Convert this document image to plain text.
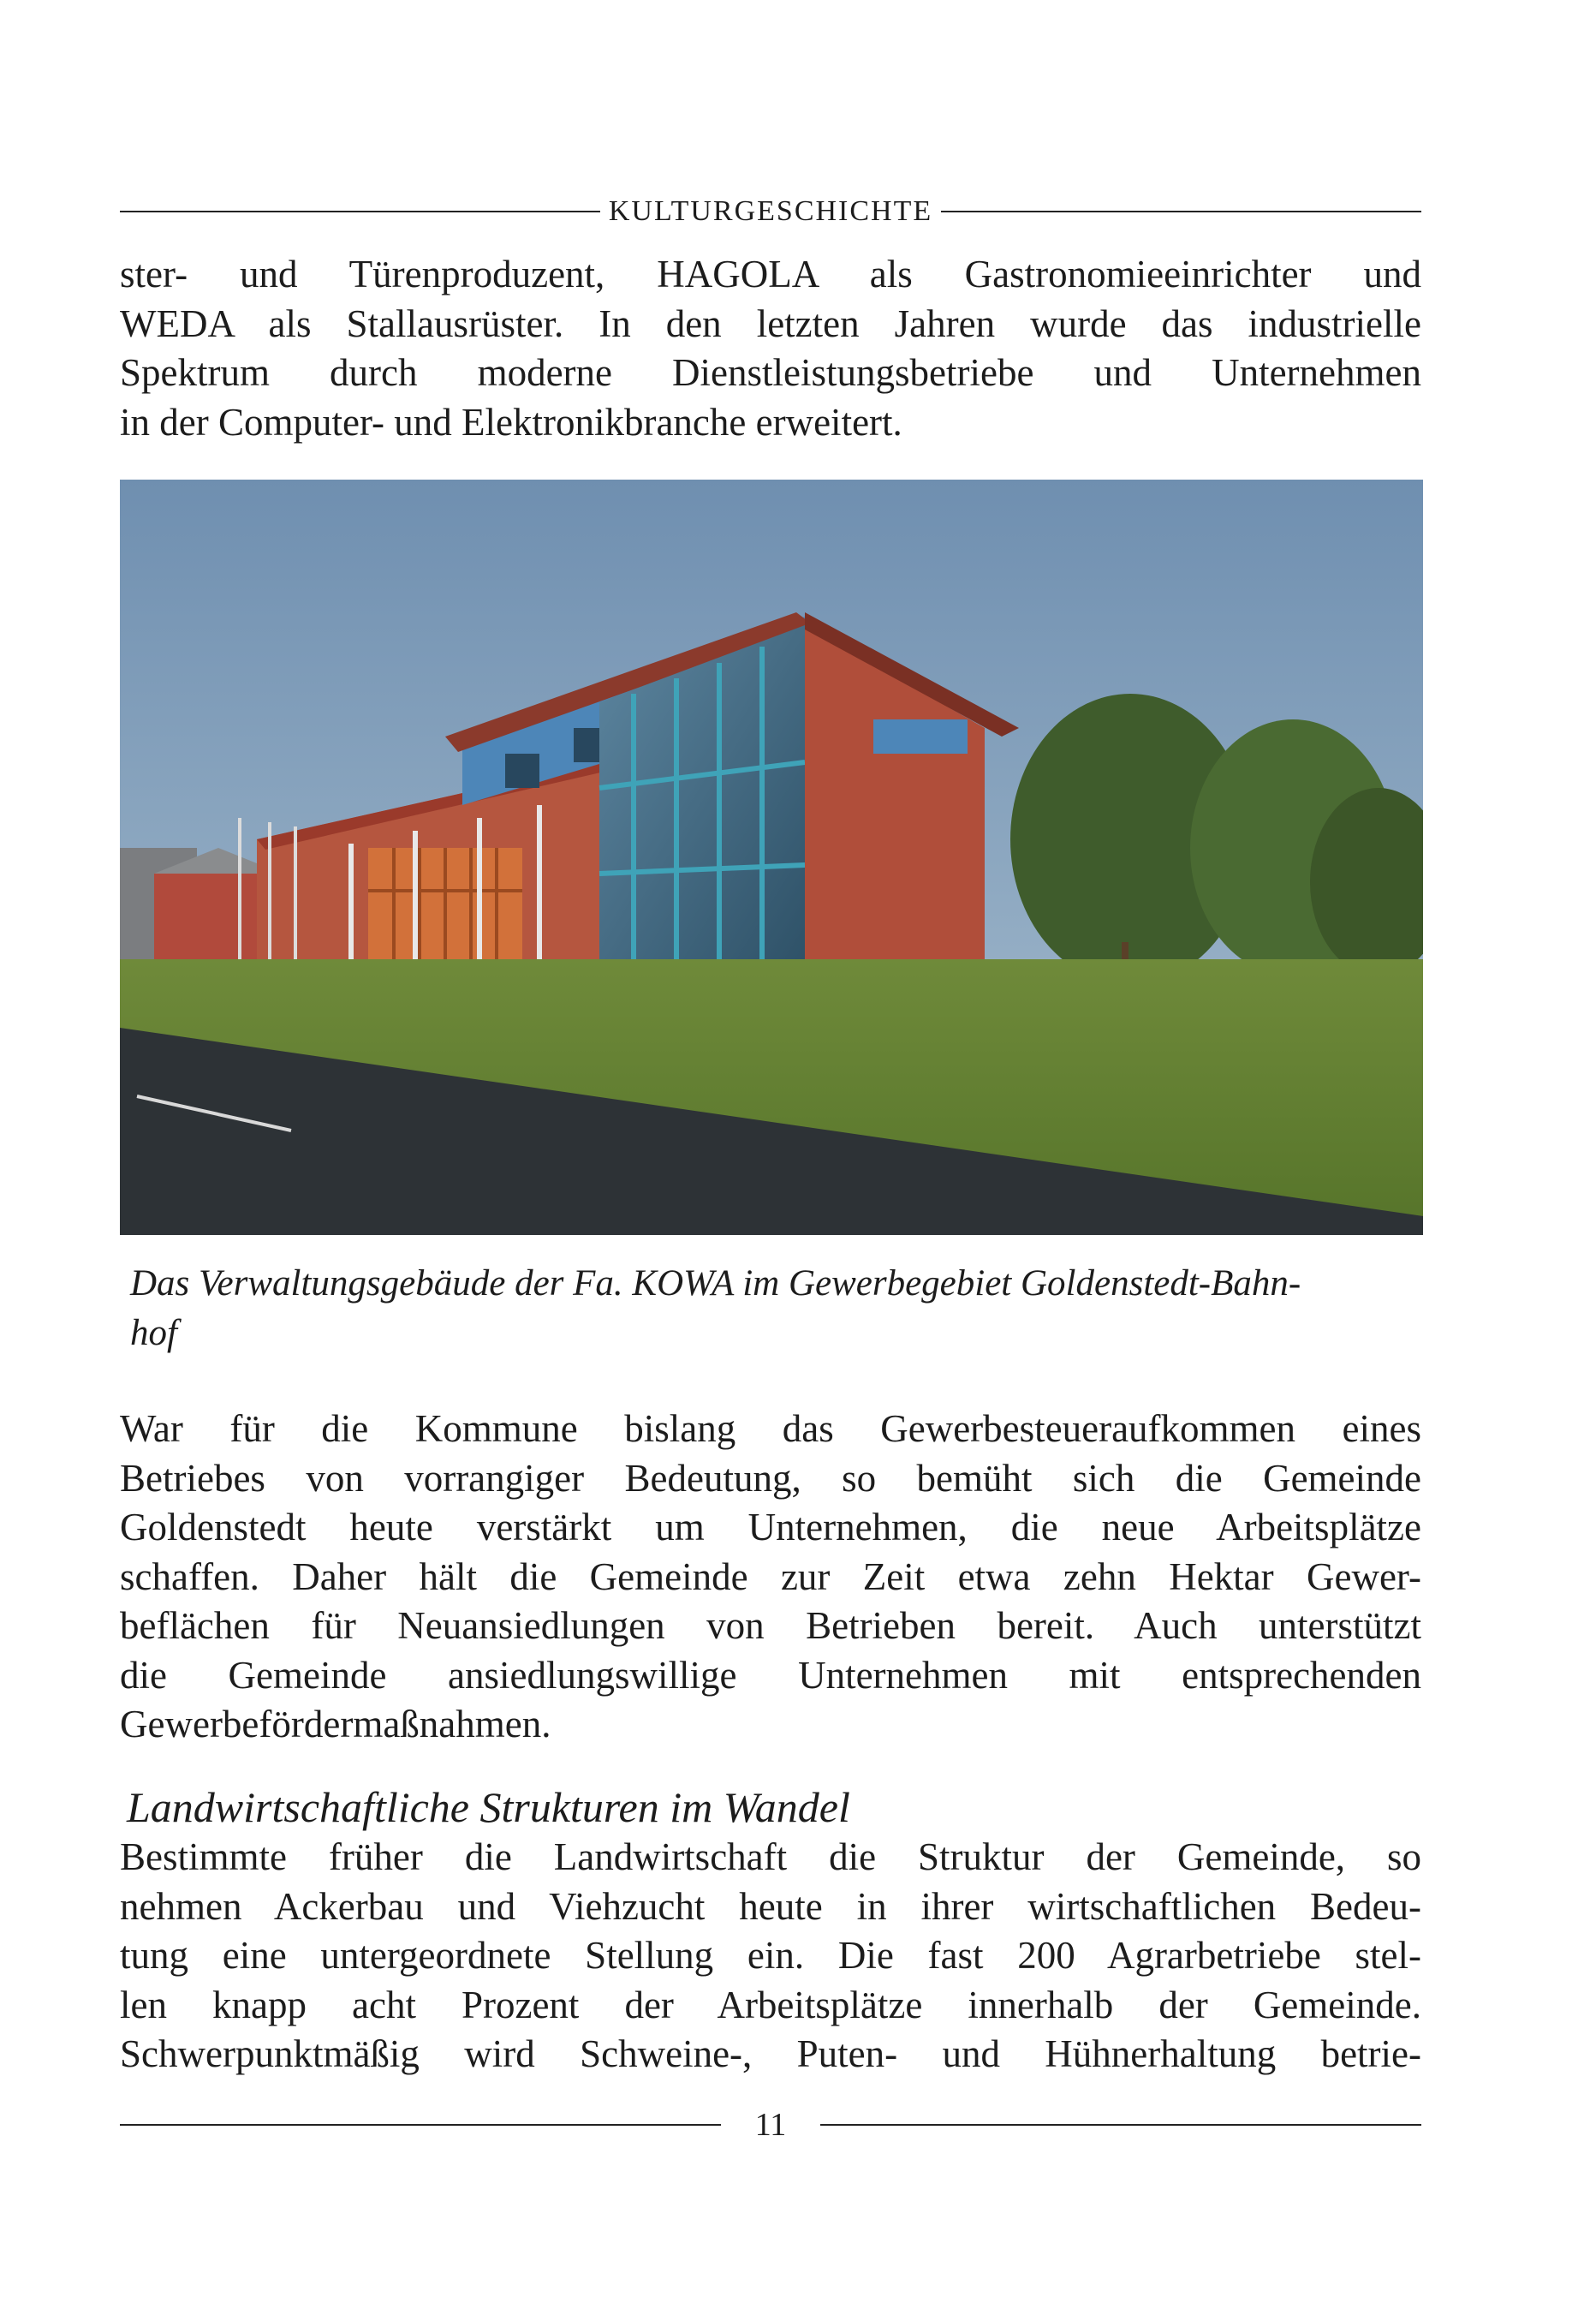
KULTURGESCHICHTE
ster- und Türenproduzent, HAGOLA als Gastronomieeinrichter und
WEDA als Stallausrüster. In den letzten Jahren wurde das industrielle
Spektrum durch moderne Dienstleistungsbetriebe und Unternehmen
in der Computer- und Elektronikbranche erweitert.
Das Verwaltungsgebäude der Fa. KOWA im Gewerbegebiet Goldenstedt-Bahn-
hof
War für die Kommune bislang das Gewerbesteueraufkommen eines
Betriebes von vorrangiger Bedeutung, so bemüht sich die Gemeinde
Goldenstedt heute verstärkt um Unternehmen, die neue Arbeitsplätze
schaffen. Daher hält die Gemeinde zur Zeit etwa zehn Hektar Gewer-
beflächen für Neuansiedlungen von Betrieben bereit. Auch unterstützt
die Gemeinde ansiedlungswillige Unternehmen mit entsprechenden
Gewerbefördermaßnahmen.
Landwirtschaftliche Strukturen im Wandel
Bestimmte früher die Landwirtschaft die Struktur der Gemeinde, so
nehmen Ackerbau und Viehzucht heute in ihrer wirtschaftlichen Bedeu-
tung eine untergeordnete Stellung ein. Die fast 200 Agrarbetriebe stel-
len knapp acht Prozent der Arbeitsplätze innerhalb der Gemeinde.
Schwerpunktmäßig wird Schweine-, Puten- und Hühnerhaltung betrie-
11
